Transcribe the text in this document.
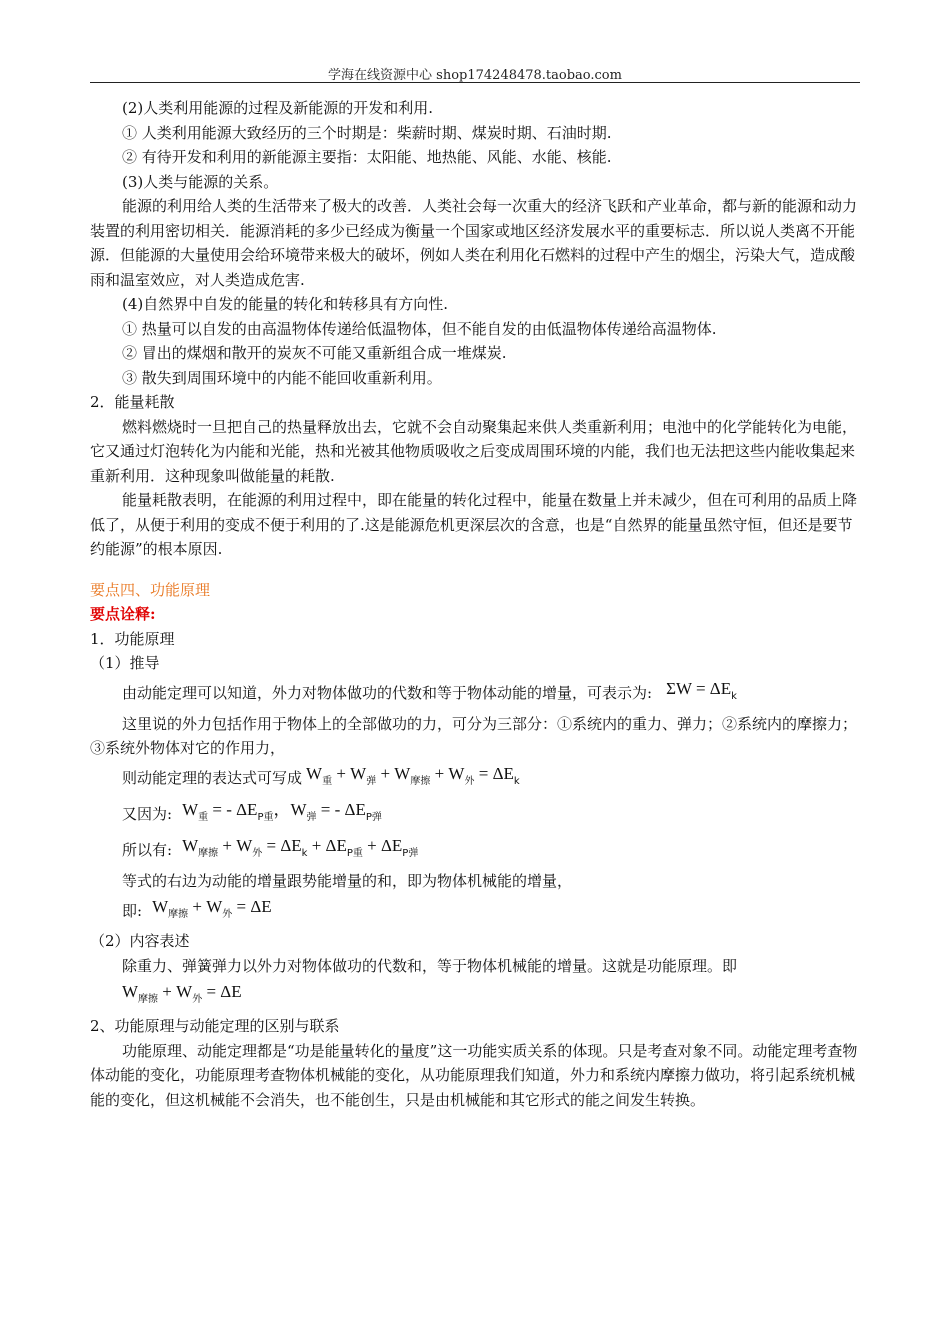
学海在线资源中心 shop174248478.taobao.com

(2)人类利用能源的过程及新能源的开发和利用.

① 人类利用能源大致经历的三个时期是：柴薪时期、煤炭时期、石油时期.

② 有待开发和利用的新能源主要指：太阳能、地热能、风能、水能、核能.

(3)人类与能源的关系。

能源的利用给人类的生活带来了极大的改善．人类社会每一次重大的经济飞跃和产业革命，都与新的能源和动力装置的利用密切相关．能源消耗的多少已经成为衡量一个国家或地区经济发展水平的重要标志．所以说人类离不开能源．但能源的大量使用会给环境带来极大的破坏，例如人类在利用化石燃料的过程中产生的烟尘，污染大气，造成酸雨和温室效应，对人类造成危害.

(4)自然界中自发的能量的转化和转移具有方向性.

① 热量可以自发的由高温物体传递给低温物体，但不能自发的由低温物体传递给高温物体.

② 冒出的煤烟和散开的炭灰不可能又重新组合成一堆煤炭.

③ 散失到周围环境中的内能不能回收重新利用。

2．能量耗散

燃料燃烧时一旦把自己的热量释放出去，它就不会自动聚集起来供人类重新利用；电池中的化学能转化为电能，它又通过灯泡转化为内能和光能，热和光被其他物质吸收之后变成周围环境的内能，我们也无法把这些内能收集起来重新利用．这种现象叫做能量的耗散.

能量耗散表明，在能源的利用过程中，即在能量的转化过程中，能量在数量上并未减少，但在可利用的品质上降低了，从便于利用的变成不便于利用的了.这是能源危机更深层次的含意，也是“自然界的能量虽然守恒，但还是要节约能源”的根本原因.

要点四、功能原理

要点诠释:

1．功能原理

（1）推导

由动能定理可以知道，外力对物体做功的代数和等于物体动能的增量，可表示为: $\Sigma W = \Delta E_k$

这里说的外力包括作用于物体上的全部做功的力，可分为三部分：①系统内的重力、弹力；②系统内的摩擦力；③系统外物体对它的作用力，

则动能定理的表达式可写成 $W_重 + W_弹 + W_{摩擦} + W_外 = \Delta E_k$
又因为: $W_重$ = - $\Delta E_{P重}$，$W_弹$ = - $\Delta E_{P弹}$
所以有: $W_{摩擦} + W_外 = \Delta E_k + \Delta E_{P重} + \Delta E_{P弹}$

等式的右边为动能的增量跟势能增量的和，即为物体机械能的增量，

即: $W_{摩擦} + W_外 = \Delta E$

（2）内容表述

除重力、弹簧弹力以外力对物体做功的代数和，等于物体机械能的增量。这就是功能原理。即

$W_{摩擦} + W_外 = \Delta E$

2、功能原理与动能定理的区别与联系

功能原理、动能定理都是“功是能量转化的量度”这一功能实质关系的体现。只是考查对象不同。动能定理考查物体动能的变化，功能原理考查物体机械能的变化，从功能原理我们知道，外力和系统内摩擦力做功，将引起系统机械能的变化，但这机械能不会消失，也不能创生，只是由机械能和其它形式的能之间发生转换。
